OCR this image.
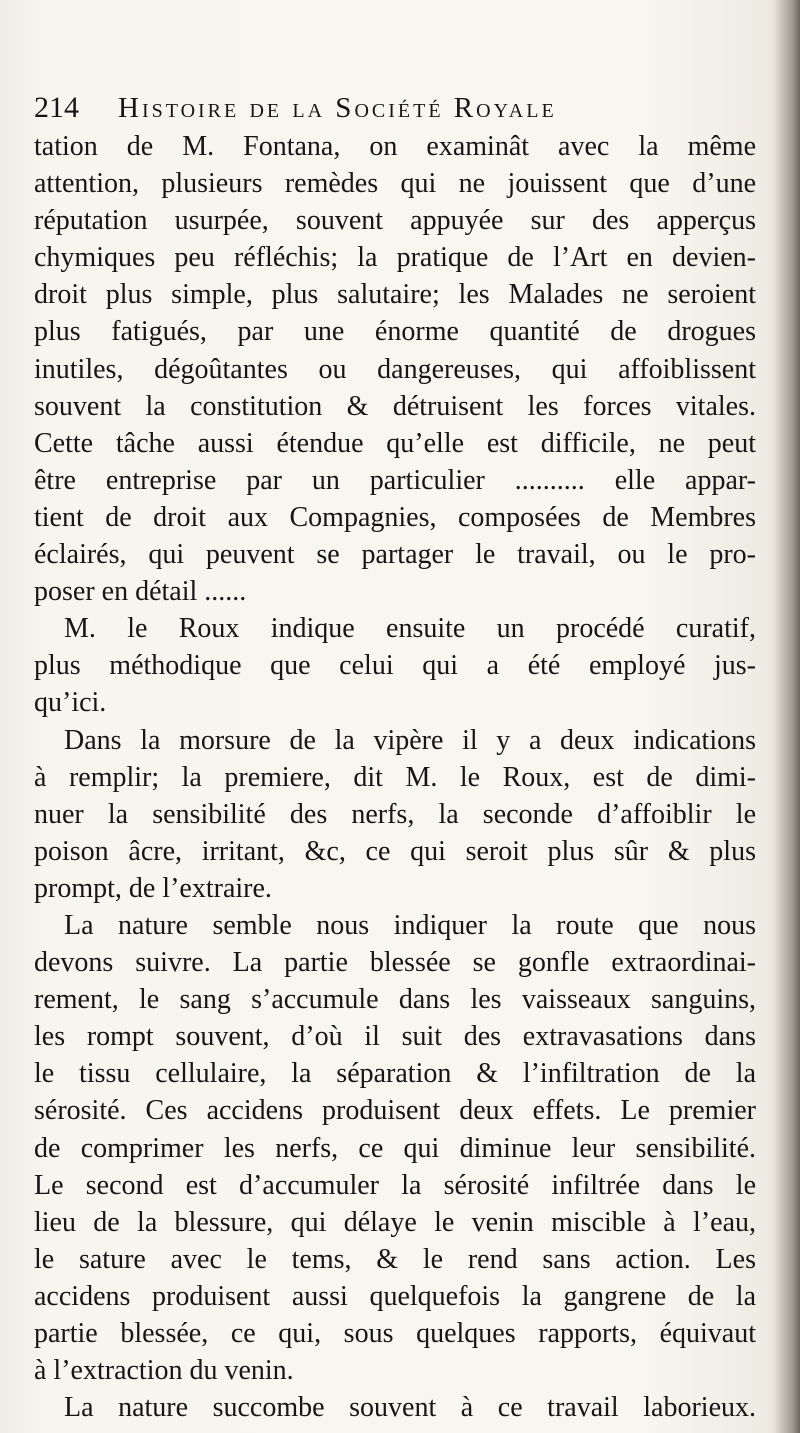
214 Histoire de la Société Royale
tation de M. Fontana, on examinât avec la même
attention, plusieurs remèdes qui ne jouissent que d’une
réputation usurpée, souvent appuyée sur des apperçus
chymiques peu réfléchis; la pratique de l’Art en devien-
droit plus simple, plus salutaire; les Malades ne seroient
plus fatigués, par une énorme quantité de drogues
inutiles, dégoûtantes ou dangereuses, qui affoiblissent
souvent la constitution & détruisent les forces vitales.
Cette tâche aussi étendue qu’elle est difficile, ne peut
être entreprise par un particulier .......... elle appar-
tient de droit aux Compagnies, composées de Membres
éclairés, qui peuvent se partager le travail, ou le pro-
poser en détail ......
M. le Roux indique ensuite un procédé curatif,
plus méthodique que celui qui a été employé jus-
qu’ici.
Dans la morsure de la vipère il y a deux indications
à remplir; la premiere, dit M. le Roux, est de dimi-
nuer la sensibilité des nerfs, la seconde d’affoiblir le
poison âcre, irritant, &c, ce qui seroit plus sûr & plus
prompt, de l’extraire.
La nature semble nous indiquer la route que nous
devons suivre. La partie blessée se gonfle extraordinai-
rement, le sang s’accumule dans les vaisseaux sanguins,
les rompt souvent, d’où il suit des extravasations dans
le tissu cellulaire, la séparation & l’infiltration de la
sérosité. Ces accidens produisent deux effets. Le premier
de comprimer les nerfs, ce qui diminue leur sensibilité.
Le second est d’accumuler la sérosité infiltrée dans le
lieu de la blessure, qui délaye le venin miscible à l’eau,
le sature avec le tems, & le rend sans action. Les
accidens produisent aussi quelquefois la gangrene de la
partie blessée, ce qui, sous quelques rapports, équivaut
à l’extraction du venin.
La nature succombe souvent à ce travail laborieux.
